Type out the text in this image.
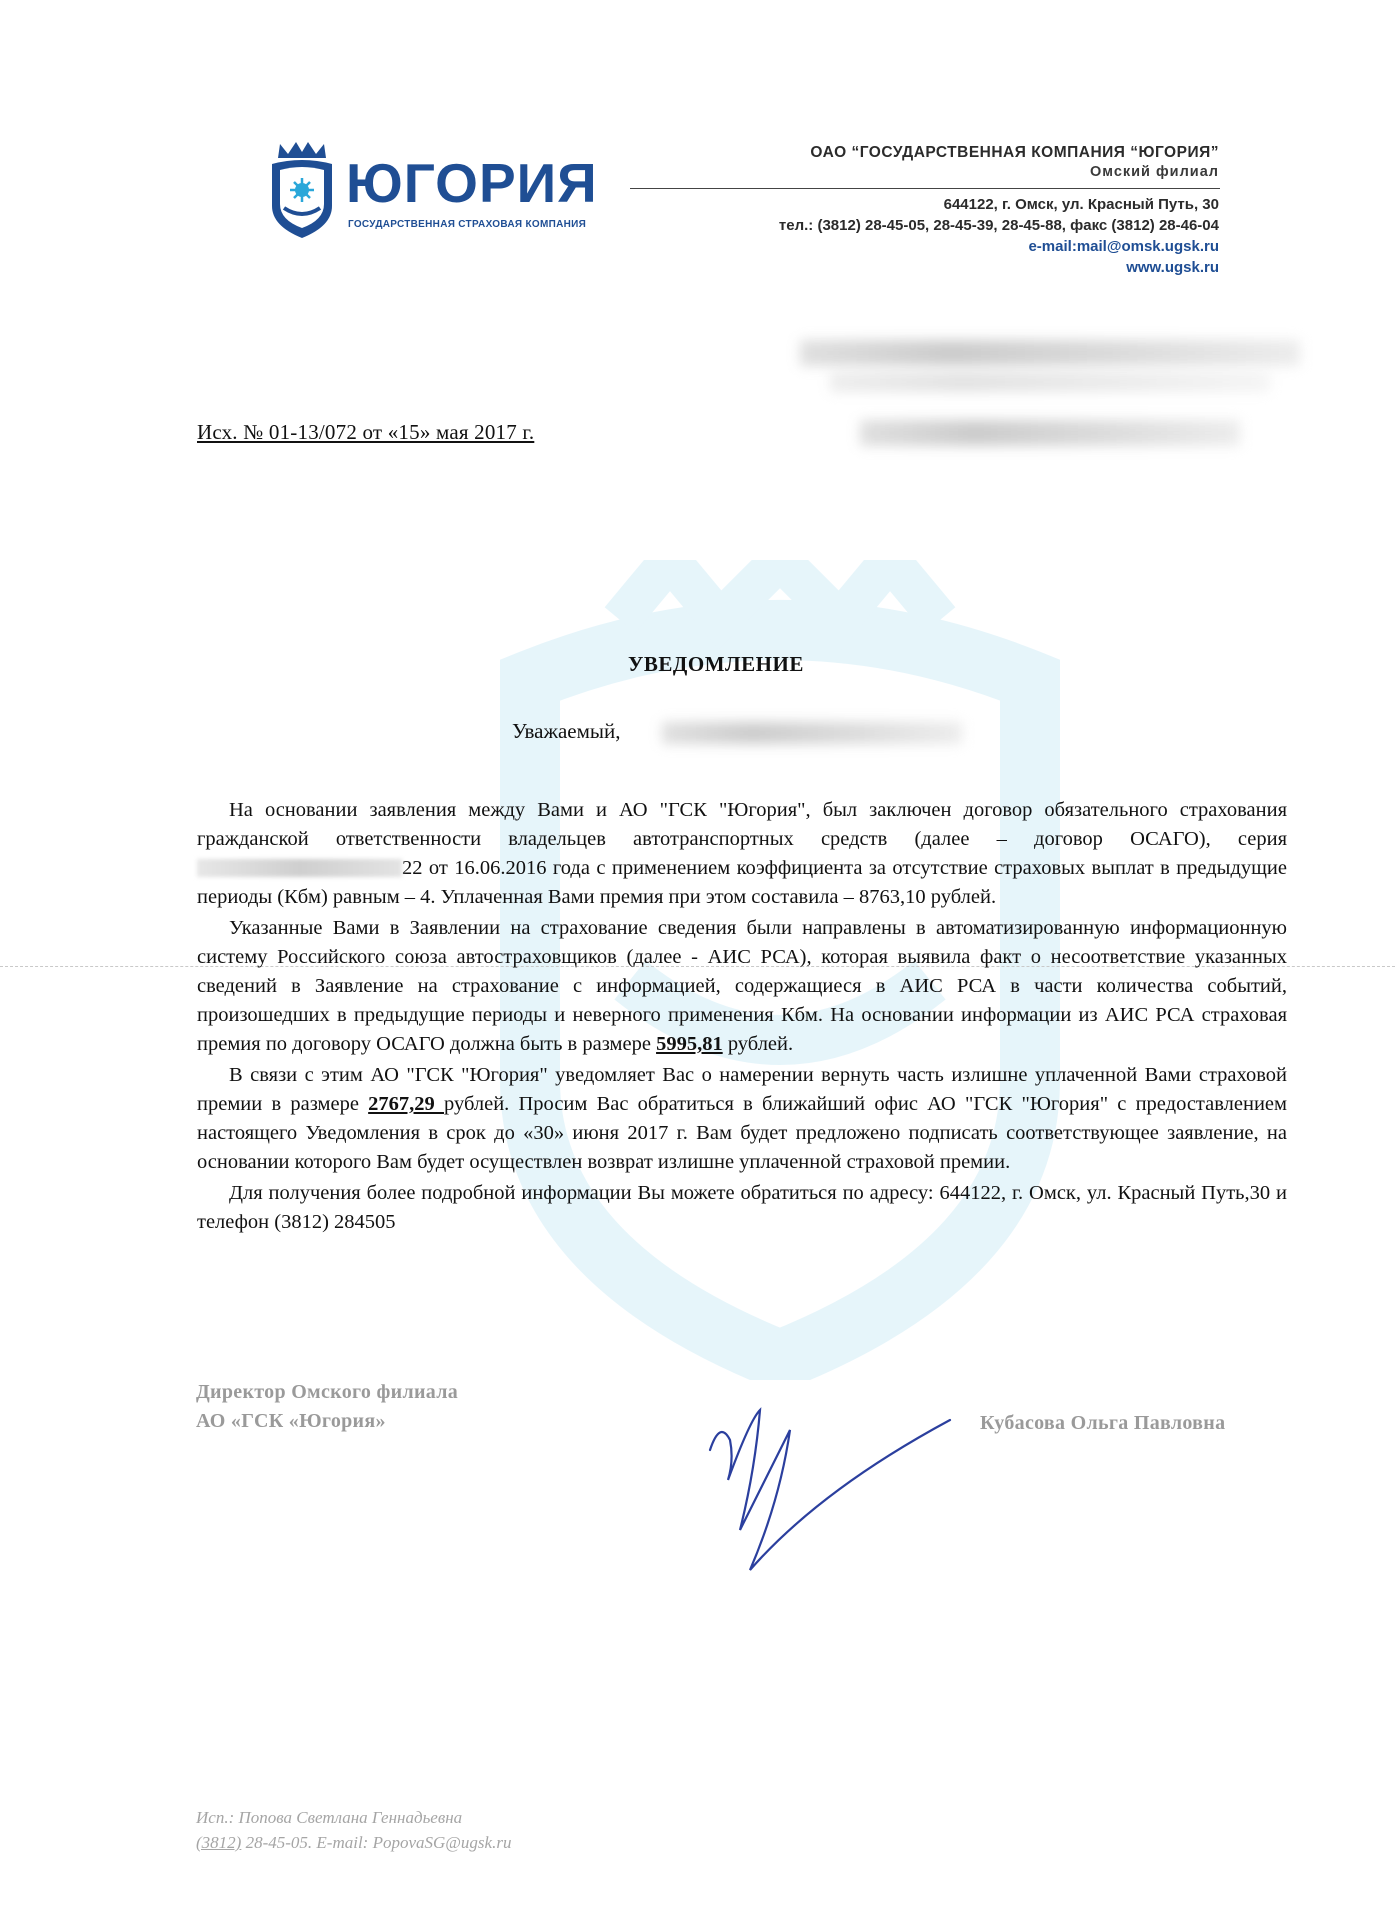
ЮГОРИЯ
ГОСУДАРСТВЕННАЯ СТРАХОВАЯ КОМПАНИЯ
ОАО “ГОСУДАРСТВЕННАЯ КОМПАНИЯ “ЮГОРИЯ”
Омский филиал
644122, г. Омск, ул. Красный Путь, 30
тел.: (3812) 28-45-05, 28-45-39, 28-45-88, факс (3812) 28-46-04
e-mail:mail@omsk.ugsk.ru
www.ugsk.ru
Исх. № 01-13/072 от «15» мая 2017 г.
УВЕДОМЛЕНИЕ
Уважаемый,

На основании заявления между Вами и АО "ГСК "Югория", был заключен договор обязательного страхования гражданской ответственности владельцев автотранспортных средств (далее – договор ОСАГО), серия 22 от 16.06.2016 года с применением коэффициента за отсутствие страховых выплат в предыдущие периоды (Кбм) равным – 4. Уплаченная Вами премия при этом составила – 8763,10 рублей.

Указанные Вами в Заявлении на страхование сведения были направлены в автоматизированную информационную систему Российского союза автостраховщиков (далее - АИС РСА), которая выявила факт о несоответствие указанных сведений в Заявление на страхование с информацией, содержащиеся в АИС РСА в части количества событий, произошедших в предыдущие периоды и неверного применения Кбм. На основании информации из АИС РСА страховая премия по договору ОСАГО должна быть в размере 5995,81 рублей.

В связи с этим АО "ГСК "Югория" уведомляет Вас о намерении вернуть часть излишне уплаченной Вами страховой премии в размере 2767,29 рублей. Просим Вас обратиться в ближайший офис АО "ГСК "Югория" с предоставлением настоящего Уведомления в срок до «30» июня 2017 г. Вам будет предложено подписать соответствующее заявление, на основании которого Вам будет осуществлен возврат излишне уплаченной страховой премии.

Для получения более подробной информации Вы можете обратиться по адресу: 644122, г. Омск, ул. Красный Путь,30 и телефон (3812) 284505

Директор Омского филиала
АО «ГСК «Югория»	Кубасова Ольга Павловна
Исп.: Попова Светлана Геннадьевна
(3812) 28-45-05. E-mail: PopovaSG@ugsk.ru
